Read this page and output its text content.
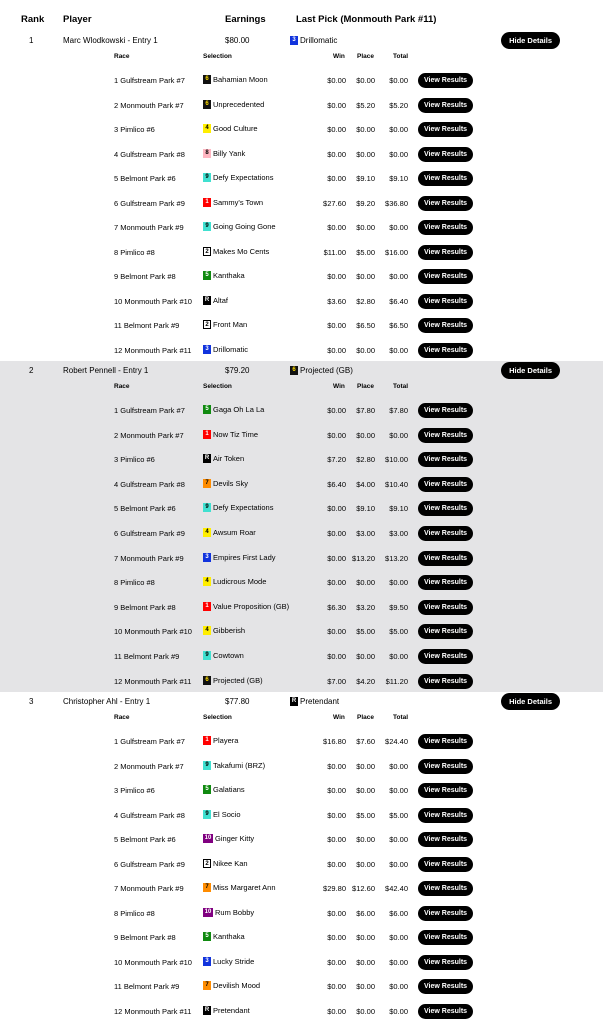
Rank Player	Earnings	Last Pick (Monmouth Park #11)
1	Marc Wlodkowski - Entry 1	$80.00	3 Drillomatic	Hide Details
Race	Selection	Win Place	Total
1 Gulfstream Park #7	6 Bahamian Moon	$0.00	$0.00	$0.00	View Results
2 Monmouth Park #7	6 Unprecedented	$0.00	$5.20	$5.20	View Results
3 Pimlico #6	4 Good Culture	$0.00	$0.00	$0.00	View Results
4 Gulfstream Park #8	8 Billy Yank	$0.00	$0.00	$0.00	View Results
5 Belmont Park #6	9 Defy Expectations	$0.00	$9.10	$9.10	View Results
6 Gulfstream Park #9	1 Sammy's Town	$27.60	$9.20	$36.80	View Results
7 Monmouth Park #9	9 Going Going Gone	$0.00	$0.00	$0.00	View Results
8 Pimlico #8	2 Makes Mo Cents	$11.00	$5.00	$16.00	View Results
9 Belmont Park #8	5 Kanthaka	$0.00	$0.00	$0.00	View Results
10 Monmouth Park #10	R Altaf	$3.60	$2.80	$6.40	View Results
11 Belmont Park #9	2 Front Man	$0.00	$6.50	$6.50	View Results
12 Monmouth Park #11	3 Drillomatic	$0.00	$0.00	$0.00	View Results
2	Robert Pennell - Entry 1	$79.20	6 Projected (GB)	Hide Details
Race	Selection	Win Place	Total
1 Gulfstream Park #7	5 Gaga Oh La La	$0.00	$7.80	$7.80	View Results
2 Monmouth Park #7	1 Now Tiz Time	$0.00	$0.00	$0.00	View Results
3 Pimlico #6	R Air Token	$7.20	$2.80	$10.00	View Results
4 Gulfstream Park #8	7 Devils Sky	$6.40	$4.00	$10.40	View Results
5 Belmont Park #6	9 Defy Expectations	$0.00	$9.10	$9.10	View Results
6 Gulfstream Park #9	4 Awsum Roar	$0.00	$3.00	$3.00	View Results
7 Monmouth Park #9	3 Empires First Lady	$0.00 $13.20	$13.20	View Results
8 Pimlico #8	4 Ludicrous Mode	$0.00	$0.00	$0.00	View Results
9 Belmont Park #8	1 Value Proposition (GB)	$6.30	$3.20	$9.50	View Results
10 Monmouth Park #10	4 Gibberish	$0.00	$5.00	$5.00	View Results
11 Belmont Park #9	9 Cowtown	$0.00	$0.00	$0.00	View Results
12 Monmouth Park #11	6 Projected (GB)	$7.00	$4.20	$11.20	View Results
3	Christopher Ahl - Entry 1	$77.80	R Pretendant	Hide Details
Race	Selection	Win Place	Total
1 Gulfstream Park #7	1 Playera	$16.80	$7.60	$24.40	View Results
2 Monmouth Park #7	9 Takafumi (BRZ)	$0.00	$0.00	$0.00	View Results
3 Pimlico #6	5 Galatians	$0.00	$0.00	$0.00	View Results
4 Gulfstream Park #8	9 El Socio	$0.00	$5.00	$5.00	View Results
5 Belmont Park #6	10 Ginger Kitty	$0.00	$0.00	$0.00	View Results
6 Gulfstream Park #9	2 Nikee Kan	$0.00	$0.00	$0.00	View Results
7 Monmouth Park #9	7 Miss Margaret Ann	$29.80 $12.60	$42.40	View Results
8 Pimlico #8	10 Rum Bobby	$0.00	$6.00	$6.00	View Results
9 Belmont Park #8	5 Kanthaka	$0.00	$0.00	$0.00	View Results
10 Monmouth Park #10	3 Lucky Stride	$0.00	$0.00	$0.00	View Results
11 Belmont Park #9	7 Devilish Mood	$0.00	$0.00	$0.00	View Results
12 Monmouth Park #11	R Pretendant	$0.00	$0.00	$0.00	View Results
